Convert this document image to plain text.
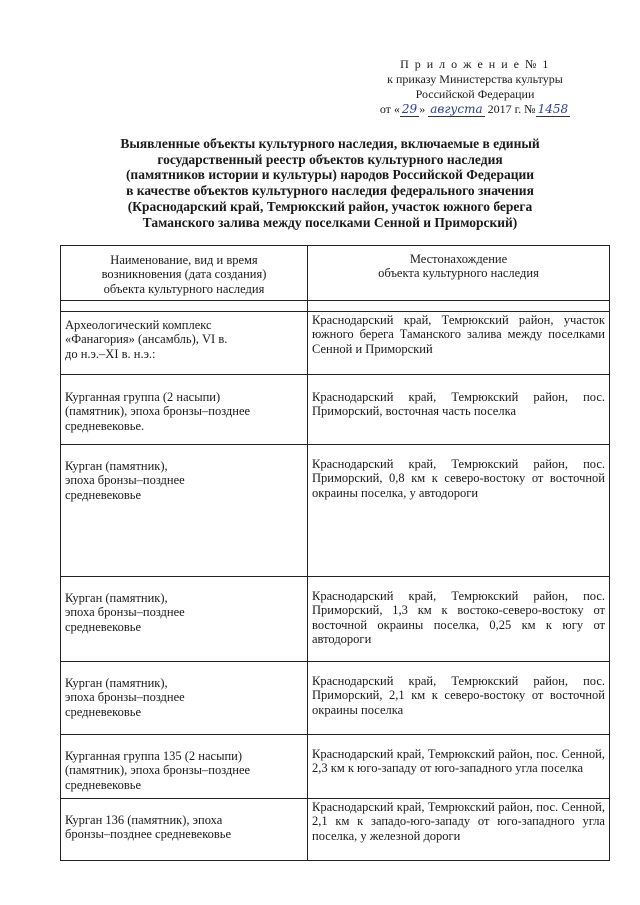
П р и л о ж е н и е № 1
к приказу Министерства культуры
Российской Федерации
от « 29 » августа 2017 г. № 1458
Выявленные объекты культурного наследия, включаемые в единый
государственный реестр объектов культурного наследия
(памятников истории и культуры) народов Российской Федерации
в качестве объектов культурного наследия федерального значения
(Краснодарский край, Темрюкский район, участок южного берега
Таманского залива между поселками Сенной и Приморский)
Наименование, вид и время
возникновения (дата создания)
объекта культурного наследия	Местонахождение
объекта культурного наследия

Археологический комплекс
«Фанагория» (ансамбль), VI в.
до н.э.–XI в. н.э.:	Краснодарский край, Темрюкский район, участок южного берега Таманского залива между поселками Сенной и Приморский

Курганная группа (2 насыпи)
(памятник), эпоха бронзы–позднее
средневековье.	Краснодарский край, Темрюкский район, пос. Приморский, восточная часть поселка

Курган (памятник),
эпоха бронзы–позднее
средневековье	Краснодарский край, Темрюкский район, пос. Приморский, 0,8 км к северо-востоку от восточной окраины поселка, у автодороги

Курган (памятник),
эпоха бронзы–позднее
средневековье	Краснодарский край, Темрюкский район, пос. Приморский, 1,3 км к востоко-северо-востоку от восточной окраины поселка, 0,25 км к югу от автодороги

Курган (памятник),
эпоха бронзы–позднее
средневековье	Краснодарский край, Темрюкский район, пос. Приморский, 2,1 км к северо-востоку от восточной окраины поселка

Курганная группа 135 (2 насыпи)
(памятник), эпоха бронзы–позднее
средневековье	Краснодарский край, Темрюкский район, пос. Сенной, 2,3 км к юго-западу от юго-западного угла поселка

Курган 136 (памятник), эпоха
бронзы–позднее средневековье	Краснодарский край, Темрюкский район, пос. Сенной, 2,1 км к западо-юго-западу от юго-западного угла поселка, у железной дороги
